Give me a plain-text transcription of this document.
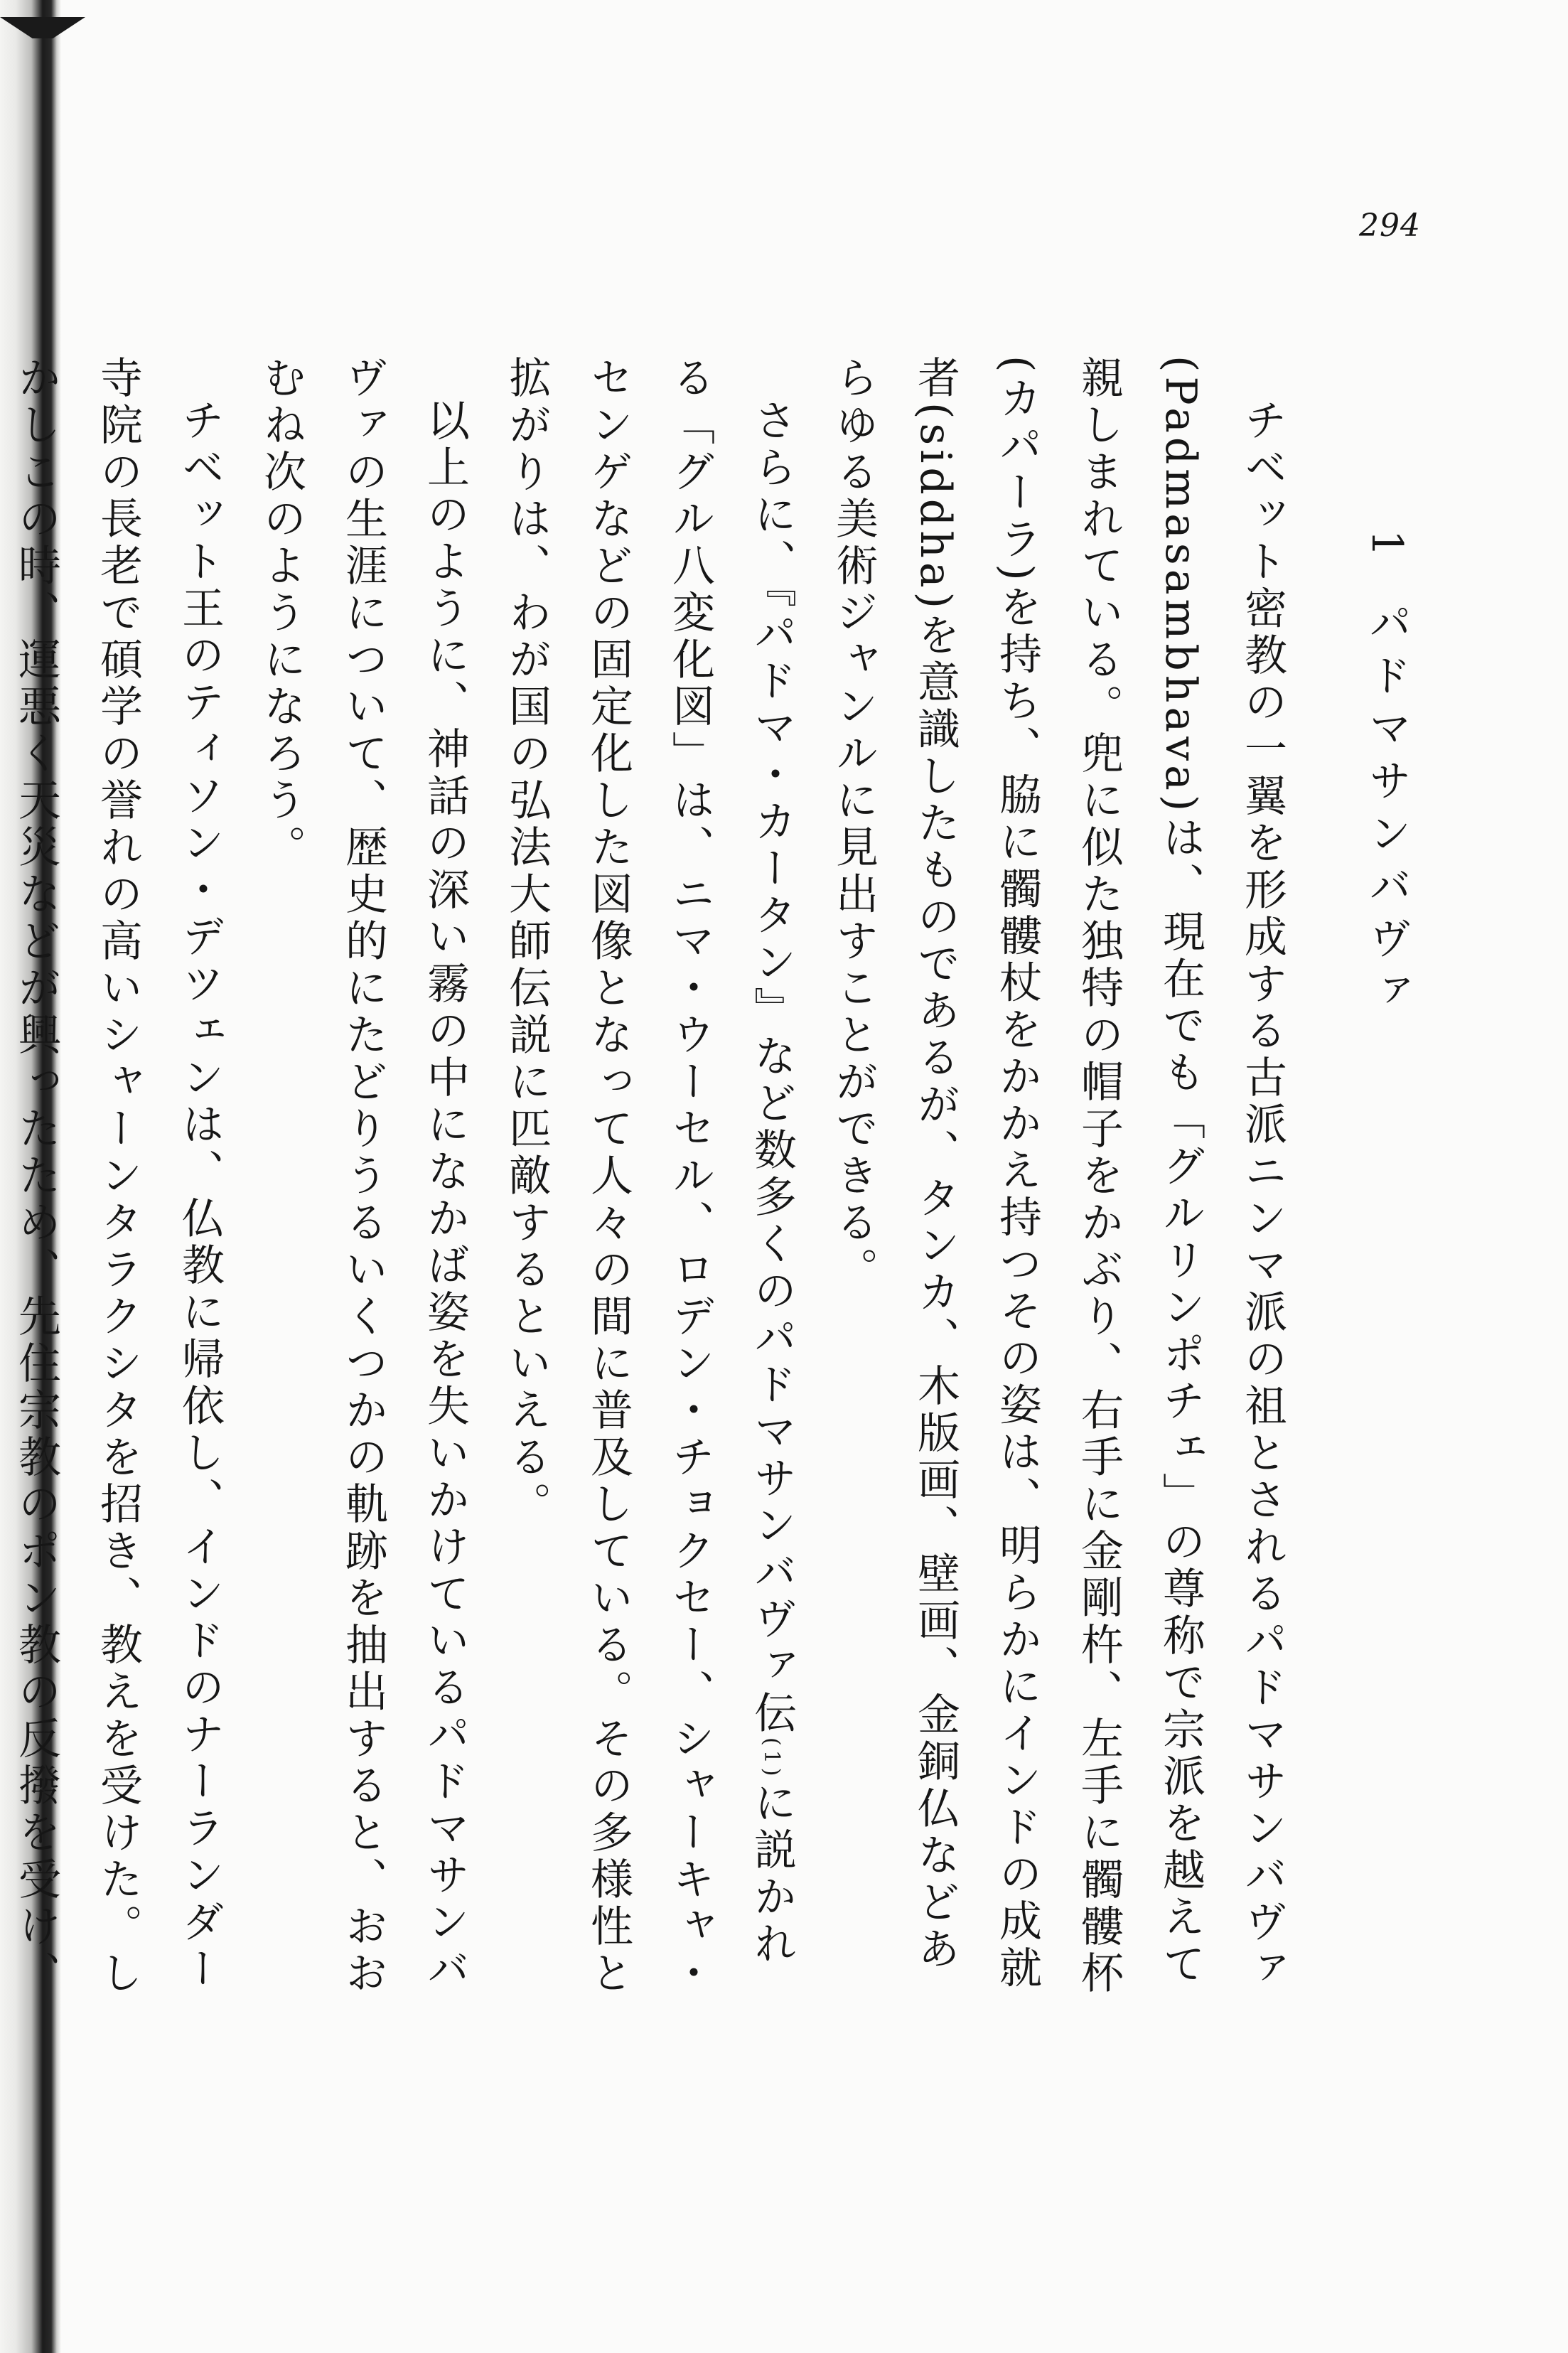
294
1パドマサンバヴァ
チベット密教の一翼を形成する古派ニンマ派の祖とされるパドマサンバヴァ(Padmasambhava)は、現在でも「グルリンポチェ」の尊称で宗派を越えて親しまれている。兜に似た独特の帽子をかぶり、右手に金剛杵、左手に髑髏杯(カパーラ)を持ち、脇に髑髏杖をかかえ持つその姿は、明らかにインドの成就者(siddha)を意識したものであるが、タンカ、木版画、壁画、金銅仏などあらゆる美術ジャンルに見出すことができる。
さらに、『パドマ・カータン』など数多くのパドマサンバヴァ伝$^{(1)}$に説かれる「グル八変化図」は、ニマ・ウーセル、ロデン・チョクセー、シャーキャ・センゲなどの固定化した図像となって人々の間に普及している。その多様性と拡がりは、わが国の弘法大師伝説に匹敵するといえる。
以上のように、神話の深い霧の中になかば姿を失いかけているパドマサンバヴァの生涯について、歴史的にたどりうるいくつかの軌跡を抽出すると、おおむね次のようになろう。
チベット王のティソン・デツェンは、仏教に帰依し、インドのナーランダー寺院の長老で碩学の誉れの高いシャーンタラクシタを招き、教えを受けた。しかしこの時、運悪く天災などが興ったため、先住宗教のポン教の反撥を受け、
